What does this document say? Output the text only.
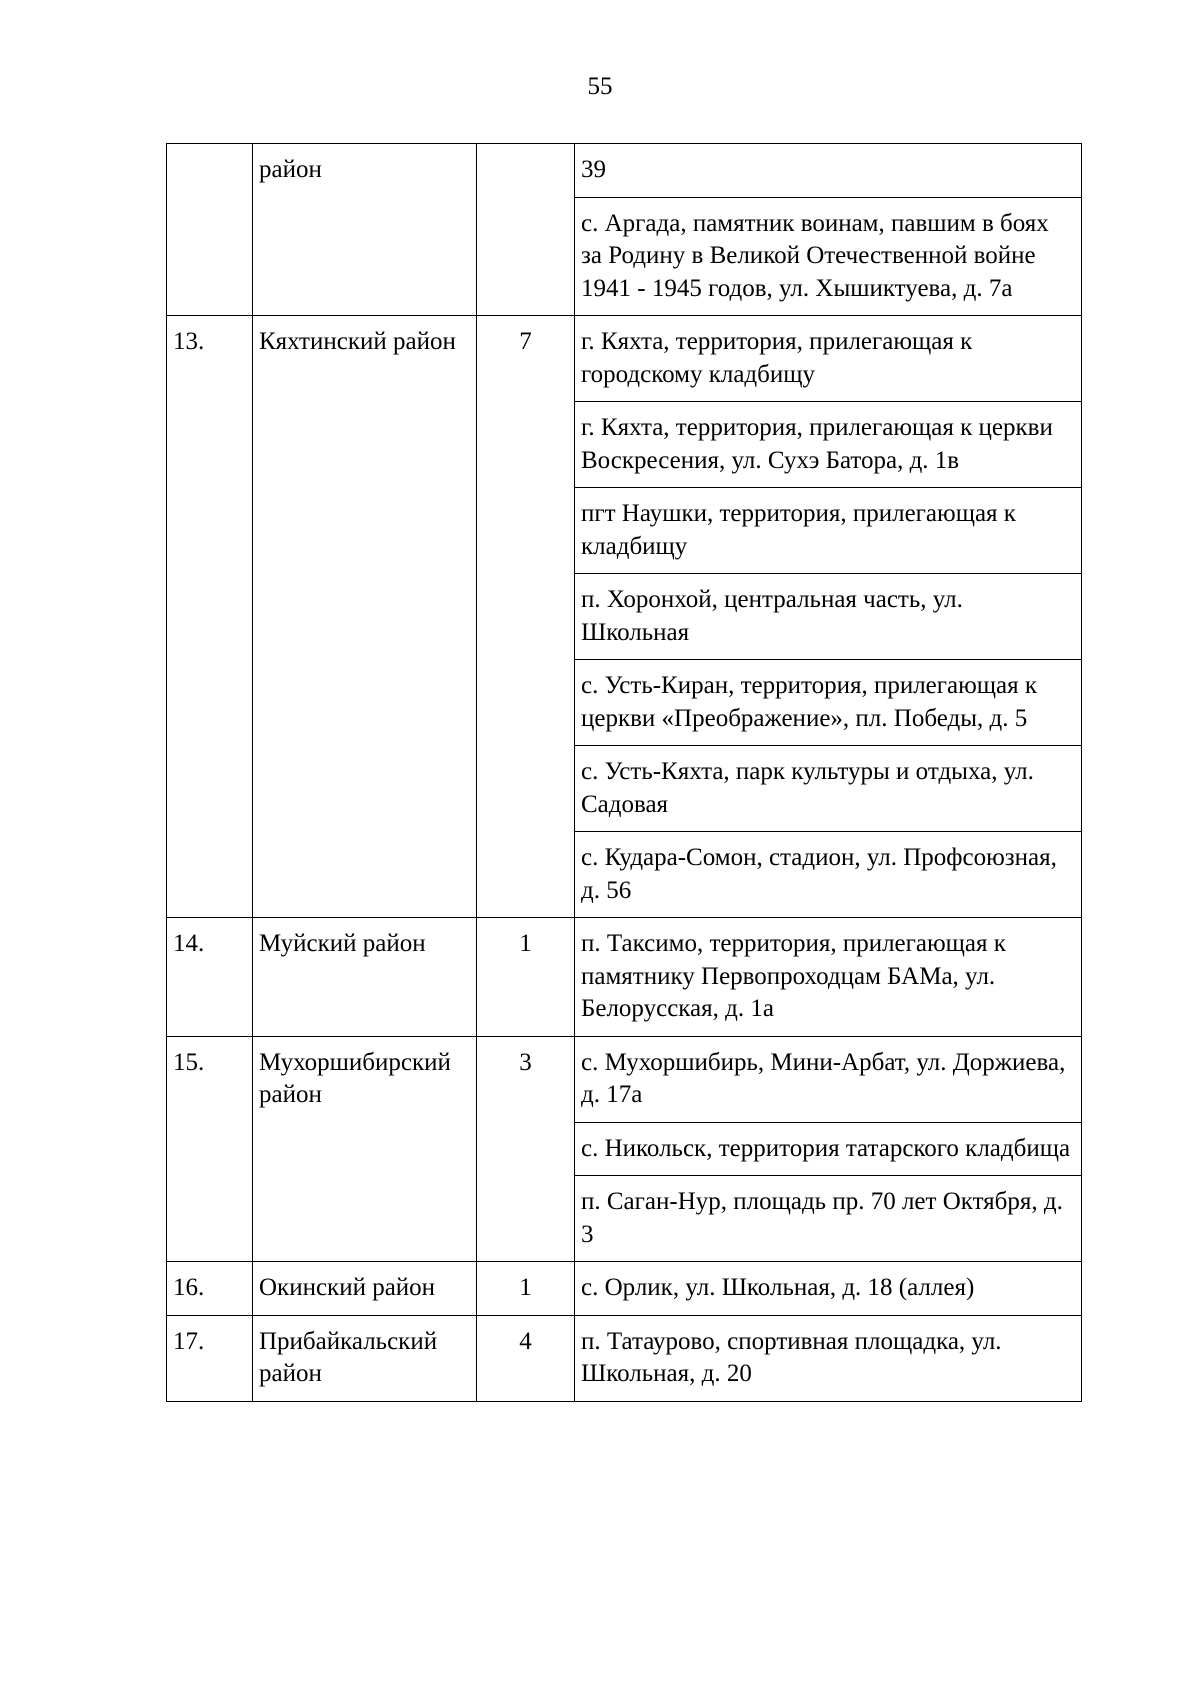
55
	район		39
			с. Аргада, памятник воинам, павшим в боях за Родину в Великой Отечественной войне 1941 - 1945 годов, ул. Хышиктуева, д. 7а
13.	Кяхтинский район	7	г. Кяхта, территория, прилегающая к городскому кладбищу
			г. Кяхта, территория, прилегающая к церкви Воскресения, ул. Сухэ Батора, д. 1в
			пгт Наушки, территория, прилегающая к кладбищу
			п. Хоронхой, центральная часть, ул. Школьная
			с. Усть-Киран, территория, прилегающая к церкви «Преображение», пл. Победы, д. 5
			с. Усть-Кяхта, парк культуры и отдыха, ул. Садовая
			с. Кудара-Сомон, стадион, ул. Профсоюзная, д. 56
14.	Муйский район	1	п. Таксимо, территория, прилегающая к памятнику Первопроходцам БАМа, ул. Белорусская, д. 1а
15.	Мухоршибирский район	3	с. Мухоршибирь, Мини-Арбат, ул. Доржиева, д. 17а
			с. Никольск, территория татарского кладбища
			п. Саган-Нур, площадь пр. 70 лет Октября, д. 3
16.	Окинский район	1	с. Орлик, ул. Школьная, д. 18 (аллея)
17.	Прибайкальский район	4	п. Татаурово, спортивная площадка, ул. Школьная, д. 20
